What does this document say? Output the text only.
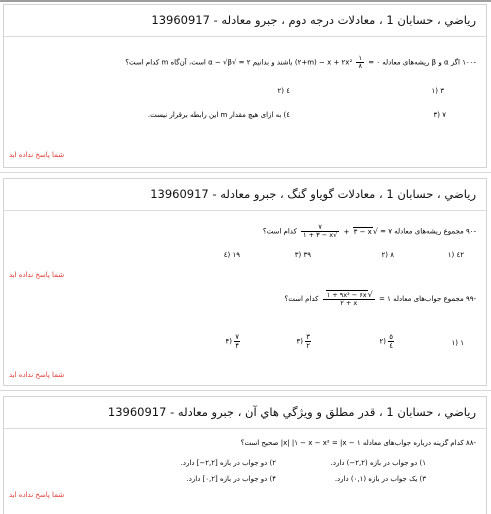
رياضي ، حسابان 1 ، معادلات درجه دوم ، جبرو معادله - 13960917
-١٠٠ اگر α و β ریشه‌های معادله ۰ =
$\frac{١}{٨}$
x + ۲x² − (m+٢) باشند و بدانیم ٢ = √α − √β است، آن‌گاه m كدام است؟
٣ (١
٤ (٢
٧ (٣
٤) به ازای هیچ مقدار m این رابطه برقرار نیست.
شما پاسخ نداده اید
رياضي ، حسابان 1 ، معادلات گویاو گنگ ، جبرو معادله - 13960917
-٩٠ مجموع ریشه‌های معادله ٧ = √x − ٣ +
$\frac{٧}{√x - ٣ + ١}$
كدام است؟
٤٢ (١
٨ (٢
٣٩ (٣
١٩ (٤
شما پاسخ نداده اید
-٩٩ مجموع جواب‌های معادله ١ =
$\frac{\text{√٩x² − ۶x + ١}}{x + ٢}$
كدام است؟
١ (١
$\frac{٥}{٤}$ (٢
$\frac{٣}{٢}$ (٣
$\frac{٧}{۴}$ (۴
شما پاسخ نداده اید
رياضي ، حسابان 1 ، قدر مطلق و ويژگي هاي آن ، جبرو معادله - 13960917
-٨٨ کدام گزینه درباره جواب‌های معادله ١ − x − x² = |x − ١| |x| صحیح است؟
١) دو جواب در بازه (٢,٢−) دارد.
٢) دو جواب در بازه [٢,٢−] دارد.
٣) یک جواب در بازه (٠,١) دارد.
۴) دو جواب در بازه [٠,٢] دارد.
شما پاسخ نداده اید
